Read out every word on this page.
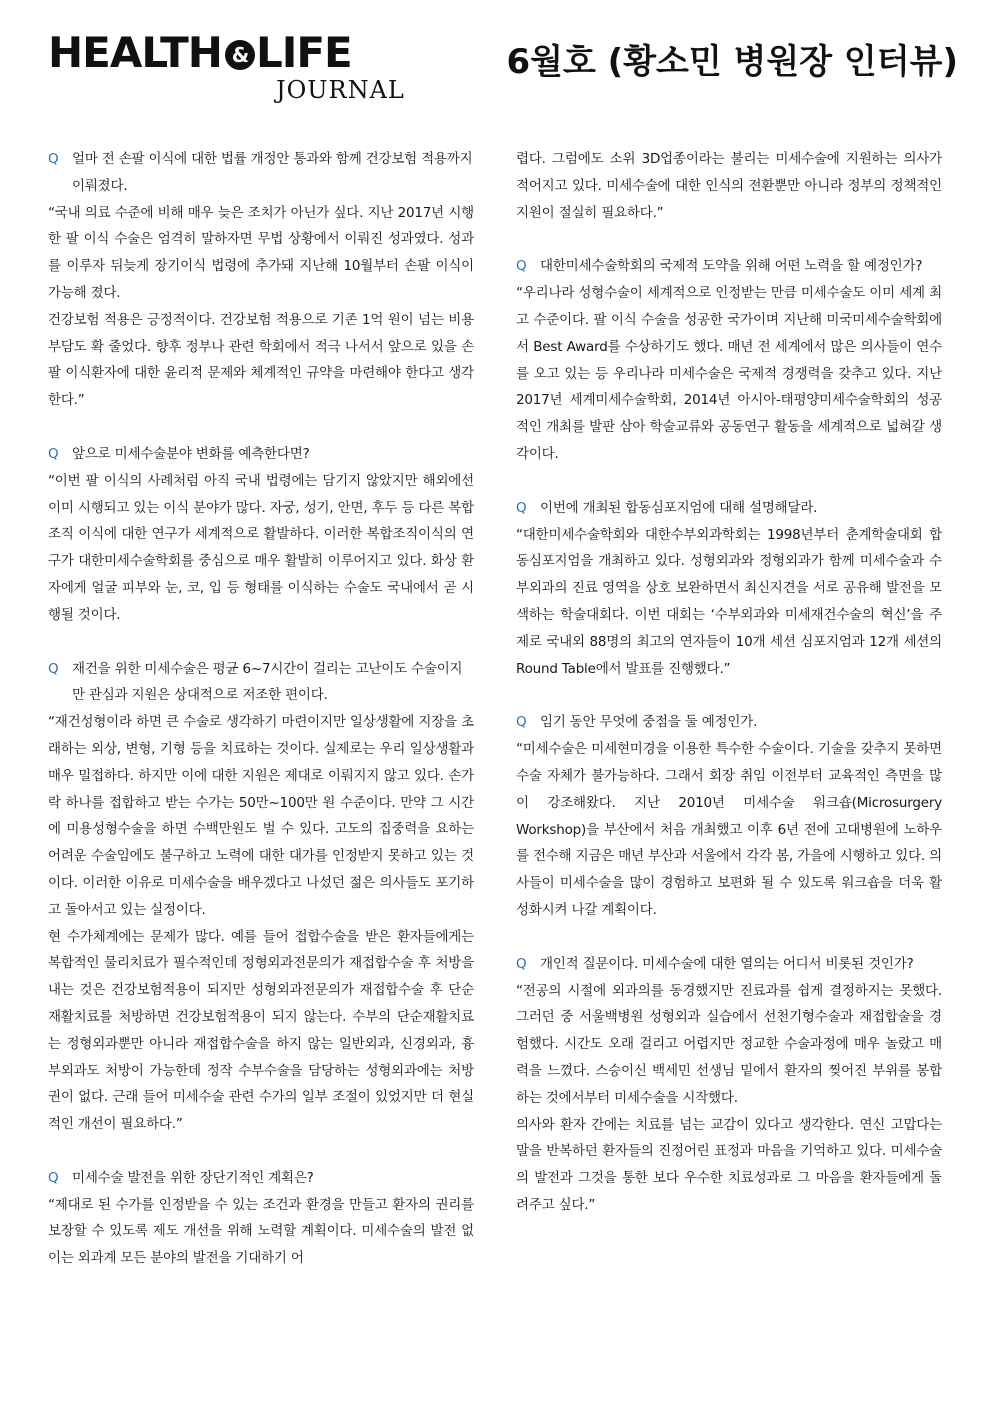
HEALTH & LIFE
JOURNAL
6월호 (황소민 병원장 인터뷰)
Q 얼마 전 손팔 이식에 대한 법률 개정안 통과와 함께 건강보험 적용까지 이뤄졌다.

“국내 의료 수준에 비해 매우 늦은 조치가 아닌가 싶다. 지난 2017년 시행한 팔 이식 수술은 엄격히 말하자면 무법 상황에서 이뤄진 성과였다. 성과를 이루자 뒤늦게 장기이식 법령에 추가돼 지난해 10월부터 손팔 이식이 가능해 졌다.

건강보험 적용은 긍정적이다. 건강보험 적용으로 기존 1억 원이 넘는 비용 부담도 확 줄었다. 향후 정부나 관련 학회에서 적극 나서서 앞으로 있을 손팔 이식환자에 대한 윤리적 문제와 체계적인 규약을 마련해야 한다고 생각한다.”

Q 앞으로 미세수술분야 변화를 예측한다면?

“이번 팔 이식의 사례처럼 아직 국내 법령에는 담기지 않았지만 해외에선 이미 시행되고 있는 이식 분야가 많다. 자궁, 성기, 안면, 후두 등 다른 복합조직 이식에 대한 연구가 세계적으로 활발하다. 이러한 복합조직이식의 연구가 대한미세수술학회를 중심으로 매우 활발히 이루어지고 있다. 화상 환자에게 얼굴 피부와 눈, 코, 입 등 형태를 이식하는 수술도 국내에서 곧 시행될 것이다.

Q 재건을 위한 미세수술은 평균 6~7시간이 걸리는 고난이도 수술이지만 관심과 지원은 상대적으로 저조한 편이다.

“재건성형이라 하면 큰 수술로 생각하기 마련이지만 일상생활에 지장을 초래하는 외상, 변형, 기형 등을 치료하는 것이다. 실제로는 우리 일상생활과 매우 밀접하다. 하지만 이에 대한 지원은 제대로 이뤄지지 않고 있다. 손가락 하나를 접합하고 받는 수가는 50만~100만 원 수준이다. 만약 그 시간에 미용성형수술을 하면 수백만원도 벌 수 있다. 고도의 집중력을 요하는 어려운 수술임에도 불구하고 노력에 대한 대가를 인정받지 못하고 있는 것이다. 이러한 이유로 미세수술을 배우겠다고 나섰던 젊은 의사들도 포기하고 돌아서고 있는 실정이다.

현 수가체계에는 문제가 많다. 예를 들어 접합수술을 받은 환자들에게는 복합적인 물리치료가 필수적인데 정형외과전문의가 재접합수술 후 처방을 내는 것은 건강보험적용이 되지만 성형외과전문의가 재접합수술 후 단순재활치료를 처방하면 건강보험적용이 되지 않는다. 수부의 단순재활치료는 정형외과뿐만 아니라 재접합수술을 하지 않는 일반외과, 신경외과, 흉부외과도 처방이 가능한데 정작 수부수술을 담당하는 성형외과에는 처방권이 없다. 근래 들어 미세수술 관련 수가의 일부 조절이 있었지만 더 현실적인 개선이 필요하다.”

Q 미세수술 발전을 위한 장단기적인 계획은?

“제대로 된 수가를 인정받을 수 있는 조건과 환경을 만들고 환자의 권리를 보장할 수 있도록 제도 개선을 위해 노력할 계획이다. 미세수술의 발전 없이는 외과계 모든 분야의 발전을 기대하기 어

렵다. 그럼에도 소위 3D업종이라는 불리는 미세수술에 지원하는 의사가 적어지고 있다. 미세수술에 대한 인식의 전환뿐만 아니라 정부의 정책적인 지원이 절실히 필요하다.”

Q 대한미세수술학회의 국제적 도약을 위해 어떤 노력을 할 예정인가?

“우리나라 성형수술이 세계적으로 인정받는 만큼 미세수술도 이미 세계 최고 수준이다. 팔 이식 수술을 성공한 국가이며 지난해 미국미세수술학회에서 Best Award를 수상하기도 했다. 매년 전 세계에서 많은 의사들이 연수를 오고 있는 등 우리나라 미세수술은 국제적 경쟁력을 갖추고 있다. 지난 2017년 세계미세수술학회, 2014년 아시아-태평양미세수술학회의 성공적인 개최를 발판 삼아 학술교류와 공동연구 활동을 세계적으로 넓혀갈 생각이다.

Q 이번에 개최된 합동심포지엄에 대해 설명해달라.

“대한미세수술학회와 대한수부외과학회는 1998년부터 춘계학술대회 합동심포지엄을 개최하고 있다. 성형외과와 정형외과가 함께 미세수술과 수부외과의 진료 영역을 상호 보완하면서 최신지견을 서로 공유해 발전을 모색하는 학술대회다. 이번 대회는 ‘수부외과와 미세재건수술의 혁신’을 주제로 국내외 88명의 최고의 연자들이 10개 세션 심포지엄과 12개 세션의 Round Table에서 발표를 진행했다.”

Q 임기 동안 무엇에 중점을 둘 예정인가.

“미세수술은 미세현미경을 이용한 특수한 수술이다. 기술을 갖추지 못하면 수술 자체가 불가능하다. 그래서 회장 취임 이전부터 교육적인 측면을 많이 강조해왔다. 지난 2010년 미세수술 워크숍(Microsurgery Workshop)을 부산에서 처음 개최했고 이후 6년 전에 고대병원에 노하우를 전수해 지금은 매년 부산과 서울에서 각각 봄, 가을에 시행하고 있다. 의사들이 미세수술을 많이 경험하고 보편화 될 수 있도록 워크숍을 더욱 활성화시켜 나갈 계획이다.

Q 개인적 질문이다. 미세수술에 대한 열의는 어디서 비롯된 것인가?

“전공의 시절에 외과의를 동경했지만 진료과를 쉽게 결정하지는 못했다. 그러던 중 서울백병원 성형외과 실습에서 선천기형수술과 재접합술을 경험했다. 시간도 오래 걸리고 어렵지만 정교한 수술과정에 매우 놀랐고 매력을 느꼈다. 스승이신 백세민 선생님 밑에서 환자의 찢어진 부위를 봉합하는 것에서부터 미세수술을 시작했다.

의사와 환자 간에는 치료를 넘는 교감이 있다고 생각한다. 연신 고맙다는 말을 반복하던 환자들의 진정어린 표정과 마음을 기억하고 있다. 미세수술의 발전과 그것을 통한 보다 우수한 치료성과로 그 마음을 환자들에게 돌려주고 싶다.”
